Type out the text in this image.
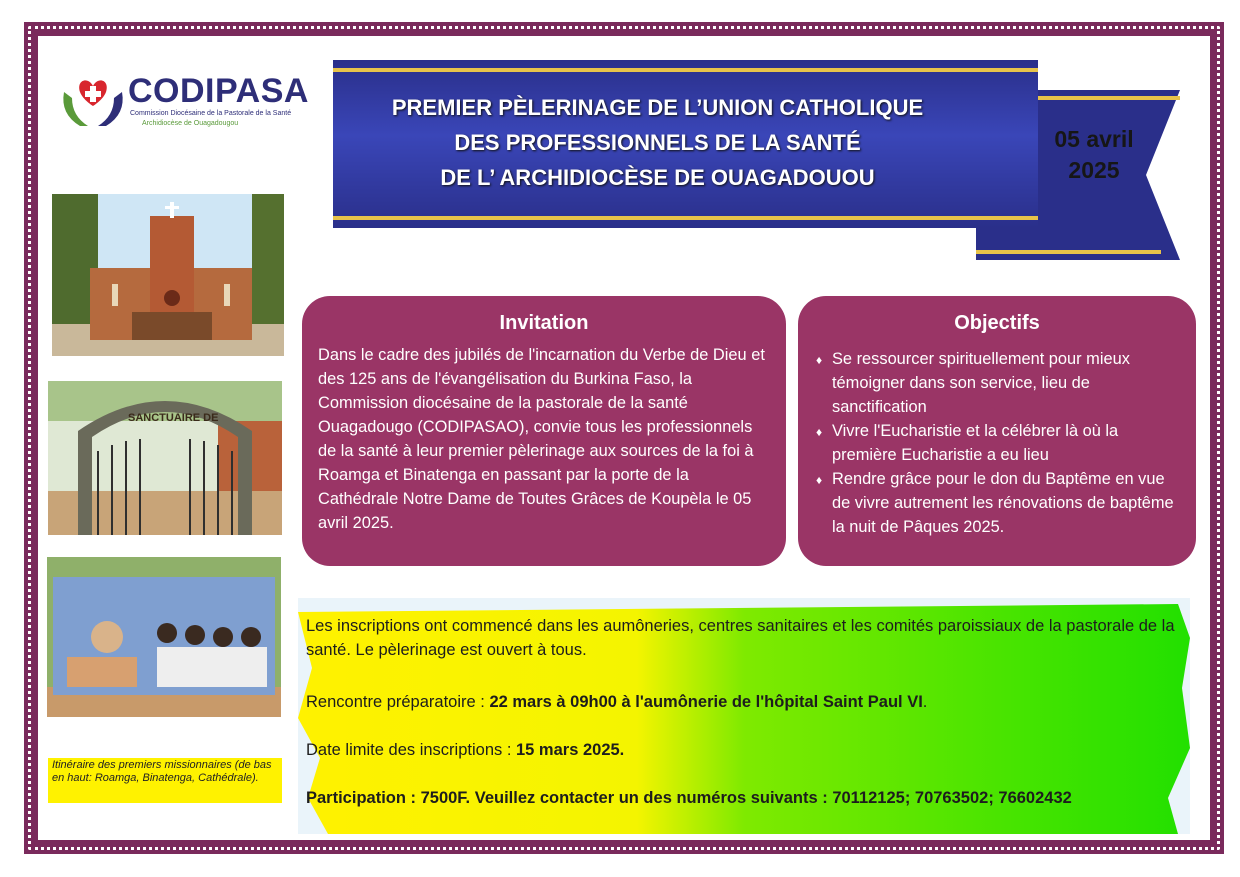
CODIPASA
Commission Diocésaine de la Pastorale de la Santé
Archidiocèse de Ouagadougou
SANCTUAIRE DE
Itinéraire des premiers missionnaires (de bas en haut: Roamga, Binatenga, Cathédrale).
05 avril
2025
PREMIER PÈLERINAGE DE L’UNION CATHOLIQUE
DES PROFESSIONNELS DE LA SANTÉ
DE L’ ARCHIDIOCÈSE DE OUAGADOUOU
Invitation
Dans le cadre des jubilés de l'incarnation du Verbe de Dieu et des 125 ans de l'évangélisation du Burkina Faso, la Commission diocésaine de la pastorale de la santé Ouagadougo (CODIPASAO), convie tous les professionnels de la santé à leur premier pèlerinage aux sources de la foi à Roamga et Binatenga en passant par la porte de la Cathédrale Notre Dame de Toutes Grâces de Koupèla le 05 avril 2025.
Objectifs
♦ Se ressourcer spirituellement pour mieux témoigner dans son service, lieu de sanctification
♦ Vivre l'Eucharistie et la célébrer là où la première Eucharistie a eu lieu
♦ Rendre grâce pour le don du Baptême en vue de vivre autrement les rénovations de baptême la nuit de Pâques 2025.
Les inscriptions ont commencé dans les aumôneries, centres sanitaires et les comités paroissiaux de la pastorale de la santé. Le pèlerinage est ouvert à tous.
Rencontre préparatoire : 22 mars à 09h00 à l'aumônerie de l'hôpital Saint Paul VI.
Date limite des inscriptions : 15 mars 2025.
Participation : 7500F. Veuillez contacter un des numéros suivants : 70112125; 70763502; 76602432
